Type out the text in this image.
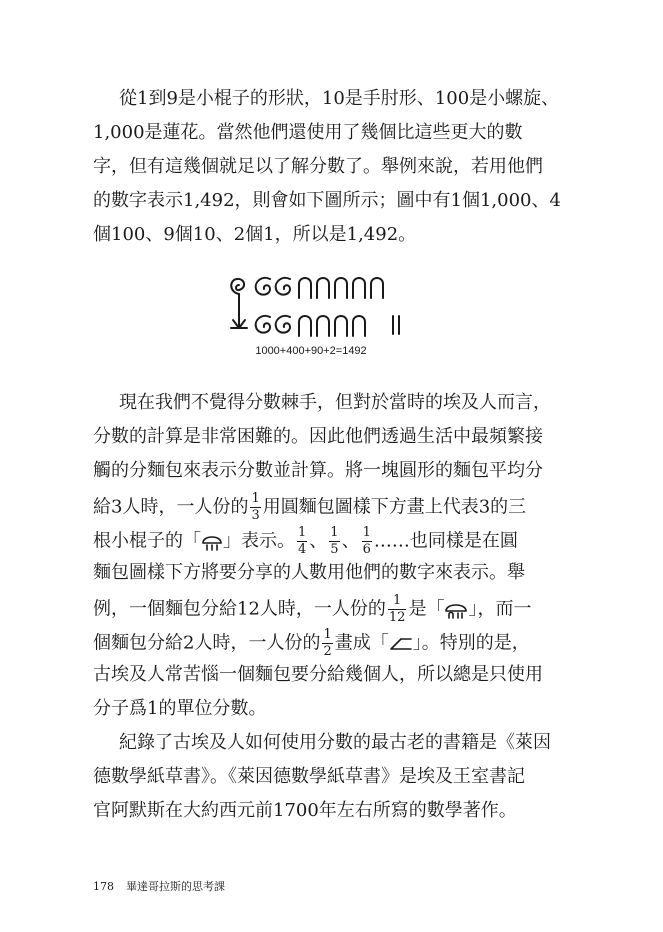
從1到9是小棍子的形狀，10是手肘形、100是小螺旋、
1,000是蓮花。當然他們還使用了幾個比這些更大的數
字，但有這幾個就足以了解分數了。舉例來說，若用他們
的數字表示1,492，則會如下圖所示；圖中有1個1,000、4
個100、9個10、2個1，所以是1,492。
1000+400+90+2=1492
現在我們不覺得分數棘手，但對於當時的埃及人而言，
分數的計算是非常困難的。因此他們透過生活中最頻繁接
觸的分麵包來表示分數並計算。將一塊圓形的麵包平均分
給3人時，一人份的 $\frac{1}{3}$ 用圓麵包圖樣下方畫上代表3的三
根小棍子的「 」表示。 $\frac{1}{4}$ 、 $\frac{1}{5}$ 、 $\frac{1}{6}$ ……也同樣是在圓
麵包圖樣下方將要分享的人數用他們的數字來表示。舉
例，一個麵包分給12人時，一人份的 $\frac{1}{12}$ 是「 」，而一
個麵包分給2人時，一人份的 $\frac{1}{2}$ 畫成「 」。特別的是，
古埃及人常苦惱一個麵包要分給幾個人，所以總是只使用
分子爲1的單位分數。
紀錄了古埃及人如何使用分數的最古老的書籍是《萊因
德數學紙草書》。《萊因德數學紙草書》是埃及王室書記
官阿默斯在大約西元前1700年左右所寫的數學著作。
178 畢達哥拉斯的思考課
